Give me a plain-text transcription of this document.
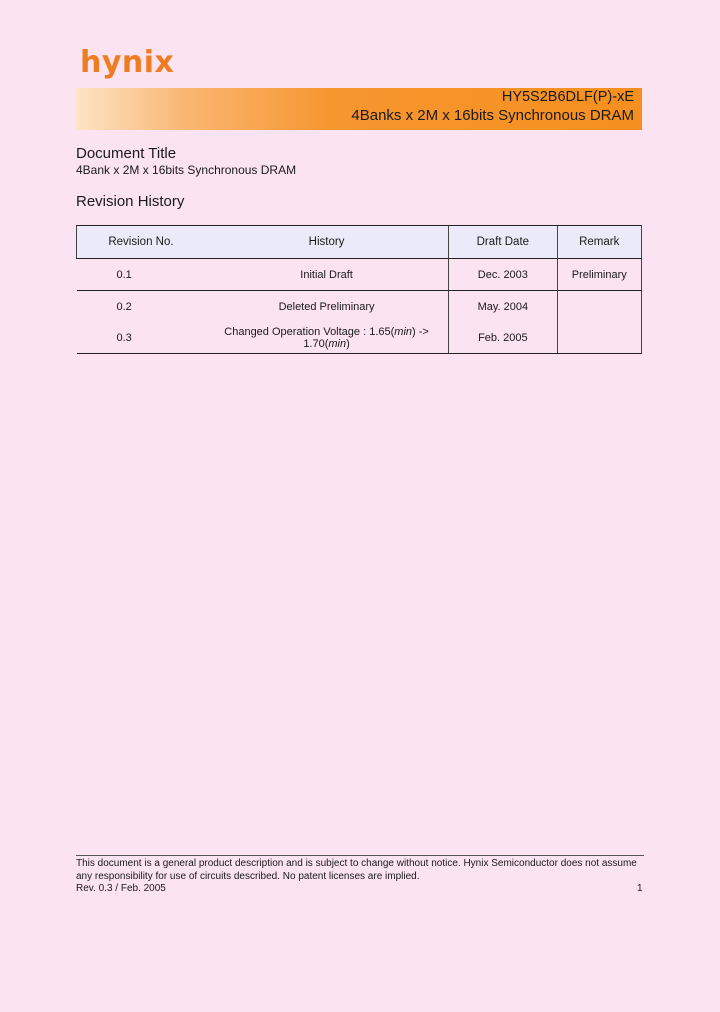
hynix
HY5S2B6DLF(P)-xE
4Banks x 2M x 16bits Synchronous DRAM
Document Title
4Bank x 2M x 16bits Synchronous DRAM
Revision History
Revision No.	History	Draft Date	Remark
0.1	Initial Draft	Dec. 2003	Preliminary
0.2	Deleted Preliminary	May. 2004	
0.3	Changed Operation Voltage : 1.65(min) -> 1.70(min)	Feb. 2005	
This document is a general product description and is subject to change without notice. Hynix Semiconductor does not assume any responsibility for use of circuits described. No patent licenses are implied.
Rev. 0.3 / Feb. 2005	1
